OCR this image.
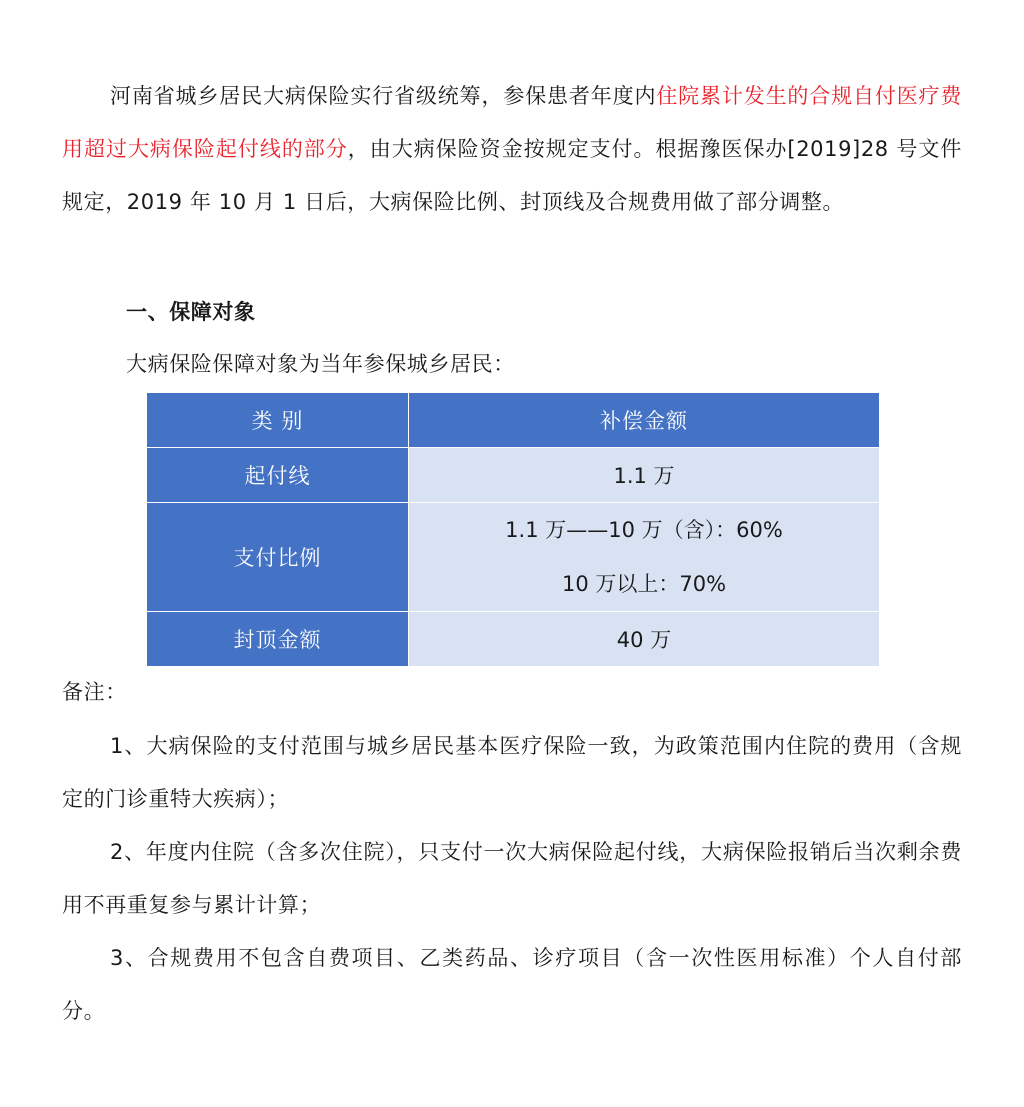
河南省城乡居民大病保险实行省级统筹，参保患者年度内住院累计发生的合规自付医疗费用超过大病保险起付线的部分，由大病保险资金按规定支付。根据豫医保办[2019]28 号文件规定，2019 年 10 月 1 日后，大病保险比例、封顶线及合规费用做了部分调整。

一、保障对象
大病保险保障对象为当年参保城乡居民：
类 别	补偿金额
起付线	1.1 万
支付比例	1.1 万——10 万（含）：60%
10 万以上：70%

封顶金额	40 万
备注：

1、大病保险的支付范围与城乡居民基本医疗保险一致，为政策范围内住院的费用（含规定的门诊重特大疾病）；

2、年度内住院（含多次住院），只支付一次大病保险起付线，大病保险报销后当次剩余费用不再重复参与累计计算；

3、合规费用不包含自费项目、乙类药品、诊疗项目（含一次性医用标准）个人自付部分。
